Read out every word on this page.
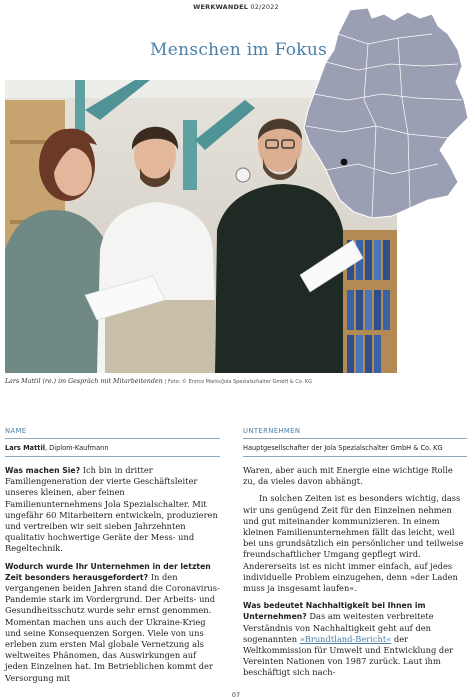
WERKWANDEL 02/2022
Menschen im Fokus
Lars Mattil (re.) im Gespräch mit Mitarbeitenden | Foto: © Enrico Marks/Jola Spezialschalter GmbH & Co. KG
NAME
Lars Mattil, Diplom-Kaufmann

Was machen Sie? Ich bin in dritter Familiengeneration der vierte Geschäftsleiter unseres kleinen, aber feinen Familienunternehmens Jola Spezialschalter. Mit ungefähr 60 Mitarbeitern entwickeln, produzieren und vertreiben wir seit sieben Jahrzehnten qualitativ hochwertige Geräte der Mess- und Regeltechnik.

Wodurch wurde Ihr Unternehmen in der letzten Zeit besonders herausgefordert? In den vergangenen beiden Jahren stand die Coronavirus-Pandemie stark im Vordergrund. Der Arbeits- und Gesundheitsschutz wurde sehr ernst genommen. Momentan machen uns auch der Ukraine-Krieg und seine Konsequenzen Sorgen. Viele von uns erleben zum ersten Mal globale Vernetzung als weltweites Phänomen, das Auswirkungen auf jeden Einzelnen hat. Im Betrieblichen kommt der Versorgung mit

UNTERNEHMEN
Hauptgesellschafter der Jola Spezialschalter GmbH & Co. KG

Waren, aber auch mit Energie eine wichtige Rolle zu, da vieles davon abhängt.

In solchen Zeiten ist es besonders wichtig, dass wir uns genügend Zeit für den Einzelnen nehmen und gut miteinander kommunizieren. In einem kleinen Familienunternehmen fällt das leicht, weil bei uns grundsätzlich ein persönlicher und teilweise freundschaftlicher Umgang gepflegt wird. Andererseits ist es nicht immer einfach, auf jedes individuelle Problem einzugehen, denn »der Laden muss ja insgesamt laufen«.

Was bedeutet Nachhaltigkeit bei Ihnen im Unternehmen? Das am weitesten verbreitete Verständnis von Nachhaltigkeit geht auf den sogenannten »Brundtland-Bericht« der Weltkommission für Umwelt und Entwicklung der Vereinten Nationen von 1987 zurück. Laut ihm beschäftigt sich nach-

07
